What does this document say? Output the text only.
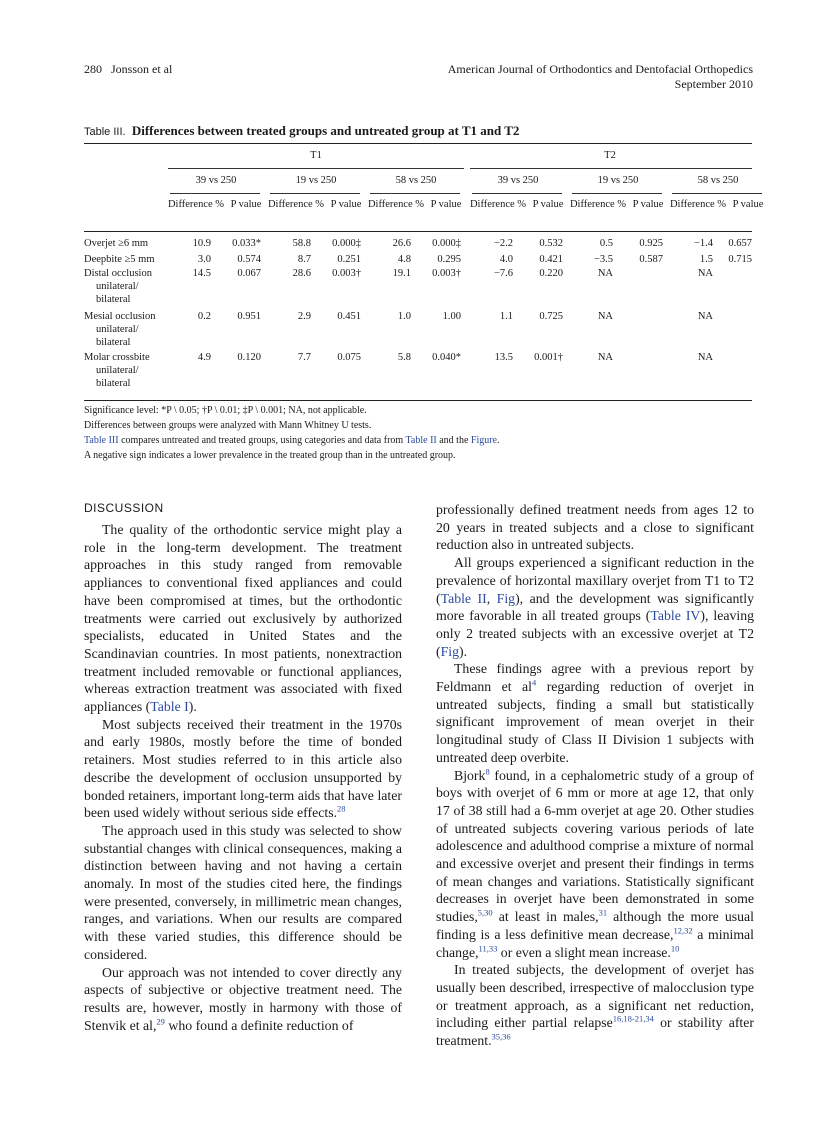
280 Jonsson et al	American Journal of Orthodontics and Dentofacial Orthopedics
September 2010
Table III. Differences between treated groups and untreated group at T1 and T2
T1	T2
39 vs 250	19 vs 250	58 vs 250	39 vs 250	19 vs 250	58 vs 250
Difference % P value Difference % P value Difference % P value Difference % P value Difference % P value Difference % P value
Overjet ≥6 mm	10.9 0.033*	58.8 0.000‡	26.6 0.000‡	−2.2	0.532	0.5	0.925	−1.4 0.657
Deepbite ≥5 mm	3.0	0.574	8.7	0.251	4.8	0.295	4.0	0.421	−3.5	0.587	1.5 0.715
Distal occlusion
unilateral/
bilateral
14.5	0.067	28.6 0.003†	19.1 0.003†	−7.6	0.220	NA	NA
Mesial occlusion
unilateral/
bilateral
0.2	0.951	2.9	0.451	1.0	1.00	1.1	0.725	NA	NA
Molar crossbite
unilateral/
bilateral
4.9	0.120	7.7	0.075	5.8 0.040*	13.5 0.001†	NA	NA
Significance level: *P \ 0.05; †P \ 0.01; ‡P \ 0.001; NA, not applicable.
Differences between groups were analyzed with Mann Whitney U tests.
Table III compares untreated and treated groups, using categories and data from Table II and the Figure.
A negative sign indicates a lower prevalence in the treated group than in the untreated group.
DISCUSSION

The quality of the orthodontic service might play a role in the long-term development. The treatment approaches in this study ranged from removable appliances to conventional fixed appliances and could have been compromised at times, but the orthodontic treatments were carried out exclusively by authorized specialists, educated in United States and the Scandinavian countries. In most patients, nonextraction treatment included removable or functional appliances, whereas extraction treatment was associated with fixed appliances (Table I).

Most subjects received their treatment in the 1970s and early 1980s, mostly before the time of bonded retainers. Most studies referred to in this article also describe the development of occlusion unsupported by bonded retainers, important long-term aids that have later been used widely without serious side effects.$^{28}$

The approach used in this study was selected to show substantial changes with clinical consequences, making a distinction between having and not having a certain anomaly. In most of the studies cited here, the findings were presented, conversely, in millimetric mean changes, ranges, and variations. When our results are compared with these varied studies, this difference should be considered.

Our approach was not intended to cover directly any aspects of subjective or objective treatment need. The results are, however, mostly in harmony with those of Stenvik et al,$^{29}$ who found a definite reduction of

professionally defined treatment needs from ages 12 to 20 years in treated subjects and a close to significant reduction also in untreated subjects.

All groups experienced a significant reduction in the prevalence of horizontal maxillary overjet from T1 to T2 (Table II, Fig), and the development was significantly more favorable in all treated groups (Table IV), leaving only 2 treated subjects with an excessive overjet at T2 (Fig).

These findings agree with a previous report by Feldmann et $al^4$ regarding reduction of overjet in untreated subjects, finding a small but statistically significant improvement of mean overjet in their longitudinal study of Class II Division 1 subjects with untreated deep overbite.

Bjork$^8$ found, in a cephalometric study of a group of boys with overjet of 6 mm or more at age 12, that only 17 of 38 still had a 6-mm overjet at age 20. Other studies of untreated subjects covering various periods of late adolescence and adulthood comprise a mixture of normal and excessive overjet and present their findings in terms of mean changes and variations. Statistically significant decreases in overjet have been demonstrated in some studies,$^{5,30}$ at least in males,$^{31}$ although the more usual finding is a less definitive mean decrease,$^{12,32}$ a minimal change,$^{11,33}$ or even a slight mean increase.$^{10}$

In treated subjects, the development of overjet has usually been described, irrespective of malocclusion type or treatment approach, as a significant net reduction, including either partial relapse$^{16,18-21,34}$ or stability after treatment.$^{35,36}$
